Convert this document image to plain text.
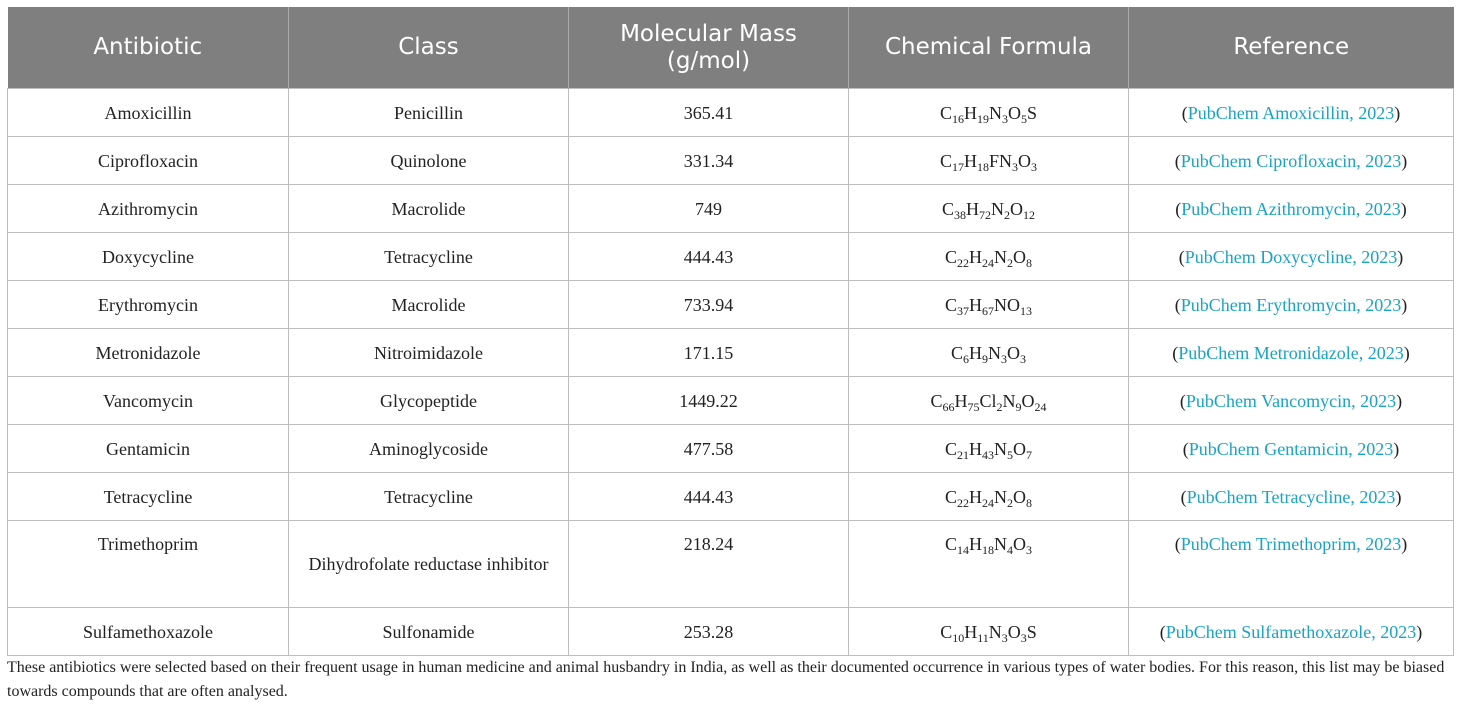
Antibiotic	Class	Molecular Mass (g/mol)	Chemical Formula	Reference
Amoxicillin	Penicillin	365.41	$C_{16}H_{19}N_3O_5S$	(PubChem Amoxicillin, 2023)
Ciprofloxacin	Quinolone	331.34	$C_{17}H_{18}FN_3O_3$	(PubChem Ciprofloxacin, 2023)
Azithromycin	Macrolide	749	$C_{38}H_{72}N_2O_{12}$	(PubChem Azithromycin, 2023)
Doxycycline	Tetracycline	444.43	$C_{22}H_{24}N_2O_8$	(PubChem Doxycycline, 2023)
Erythromycin	Macrolide	733.94	$C_{37}H_{67}NO_{13}$	(PubChem Erythromycin, 2023)
Metronidazole	Nitroimidazole	171.15	$C_6H_9N_3O_3$	(PubChem Metronidazole, 2023)
Vancomycin	Glycopeptide	1449.22	$C_{66}H_{75}Cl_2N_9O_{24}$	(PubChem Vancomycin, 2023)
Gentamicin	Aminoglycoside	477.58	$C_{21}H_{43}N_5O_7$	(PubChem Gentamicin, 2023)
Tetracycline	Tetracycline	444.43	$C_{22}H_{24}N_2O_8$	(PubChem Tetracycline, 2023)
Trimethoprim	Dihydrofolate reductase inhibitor	218.24	$C_{14}H_{18}N_4O_3$	(PubChem Trimethoprim, 2023)
Sulfamethoxazole	Sulfonamide	253.28	$C_{10}H_{11}N_3O_3S$	(PubChem Sulfamethoxazole, 2023)
These antibiotics were selected based on their frequent usage in human medicine and animal husbandry in India, as well as their documented occurrence in various types of water bodies. For this reason, this list may be biased towards compounds that are often analysed.
